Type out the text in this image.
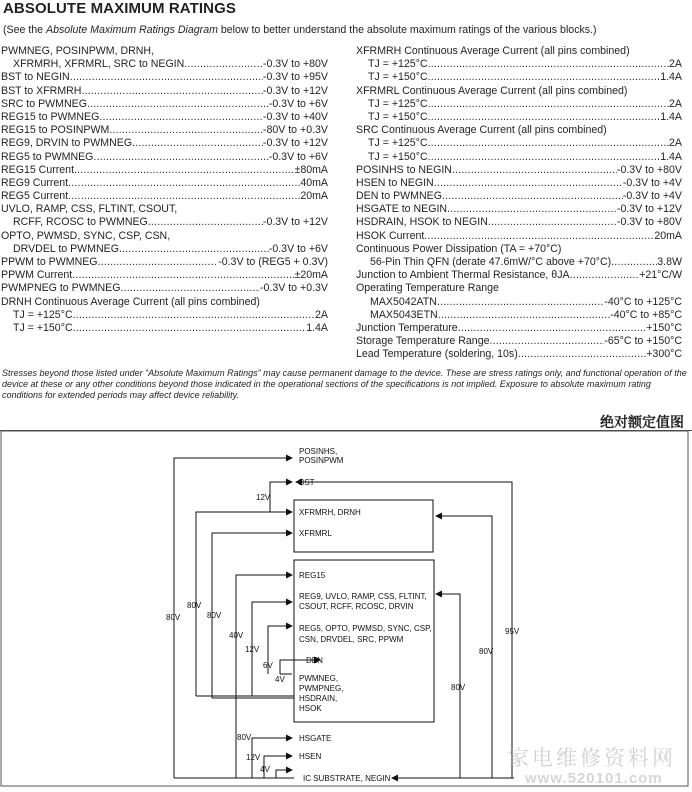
ABSOLUTE MAXIMUM RATINGS
(See the Absolute Maximum Ratings Diagram below to better understand the absolute maximum ratings of the various blocks.)
PWMNEG, POSINPWM, DRNH,
XFRMRH, XFRMRL, SRC to NEGIN .....	-0.3V to +80V
BST to NEGIN .....	-0.3V to +95V
BST to XFRMRH .....	-0.3V to +12V
SRC to PWMNEG .....	-0.3V to +6V
REG15 to PWMNEG .....	-0.3V to +40V
REG15 to POSINPWM .....	-80V to +0.3V
REG9, DRVIN to PWMNEG .....	-0.3V to +12V
REG5 to PWMNEG .....	-0.3V to +6V
REG15 Current .....	±80mA
REG9 Current .....	40mA
REG5 Current .....	20mA
UVLO, RAMP, CSS, FLTINT, CSOUT,
RCFF, RCOSC to PWMNEG .....	-0.3V to +12V
OPTO, PWMSD, SYNC, CSP, CSN,
DRVDEL to PWMNEG .....	-0.3V to +6V
PPWM to PWMNEG .....	-0.3V to (REG5 + 0.3V)
PPWM Current .....	±20mA
PWMPNEG to PWMNEG .....	-0.3V to +0.3V
DRNH Continuous Average Current (all pins combined)
TJ = +125°C .....	2A
TJ = +150°C .....	1.4A
XFRMRH Continuous Average Current (all pins combined)
TJ = +125°C .....	2A
TJ = +150°C .....	1.4A
XFRMRL Continuous Average Current (all pins combined)
TJ = +125°C .....	2A
TJ = +150°C .....	1.4A
SRC Continuous Average Current (all pins combined)
TJ = +125°C .....	2A
TJ = +150°C .....	1.4A
POSINHS to NEGIN .....	-0.3V to +80V
HSEN to NEGIN .....	-0.3V to +4V
DEN to PWMNEG .....	-0.3V to +4V
HSGATE to NEGIN .....	-0.3V to +12V
HSDRAIN, HSOK to NEGIN .....	-0.3V to +80V
HSOK Current .....	20mA
Continuous Power Dissipation (TA = +70°C)
56-Pin Thin QFN (derate 47.6mW/°C above +70°C) .....	3.8W
Junction to Ambient Thermal Resistance, θJA .....	+21°C/W
Operating Temperature Range
MAX5042ATN .....	-40°C to +125°C
MAX5043ETN .....	-40°C to +85°C
Junction Temperature .....	+150°C
Storage Temperature Range .....	-65°C to +150°C
Lead Temperature (soldering, 10s) .....	+300°C
Stresses beyond those listed under “Absolute Maximum Ratings” may cause permanent damage to the device. These are stress ratings only, and functional operation of the device at these or any other conditions beyond those indicated in the operational sections of the specifications is not implied. Exposure to absolute maximum rating conditions for extended periods may affect device reliability.
绝对额定值图
POSINHS,
POSINPWM
BST
XFRMRH, DRNH
XFRMRL
REG15
REG9, UVLO, RAMP, CSS, FLTINT,
CSOUT, RCFF, RCOSC, DRVIN
REG5, OPTO, PWMSD, SYNC, CSP,
CSN, DRVDEL, SRC, PPWM
DEN
PWMNEG,
PWMPNEG,
HSDRAIN,
HSOK
HSGATE
HSEN
IC SUBSTRATE, NEGIN
12V
80V
80V
80V
40V
12V
6V
4V
95V
80V
80V
80V
12V
4V	家电维修资料网
www.520101.com
